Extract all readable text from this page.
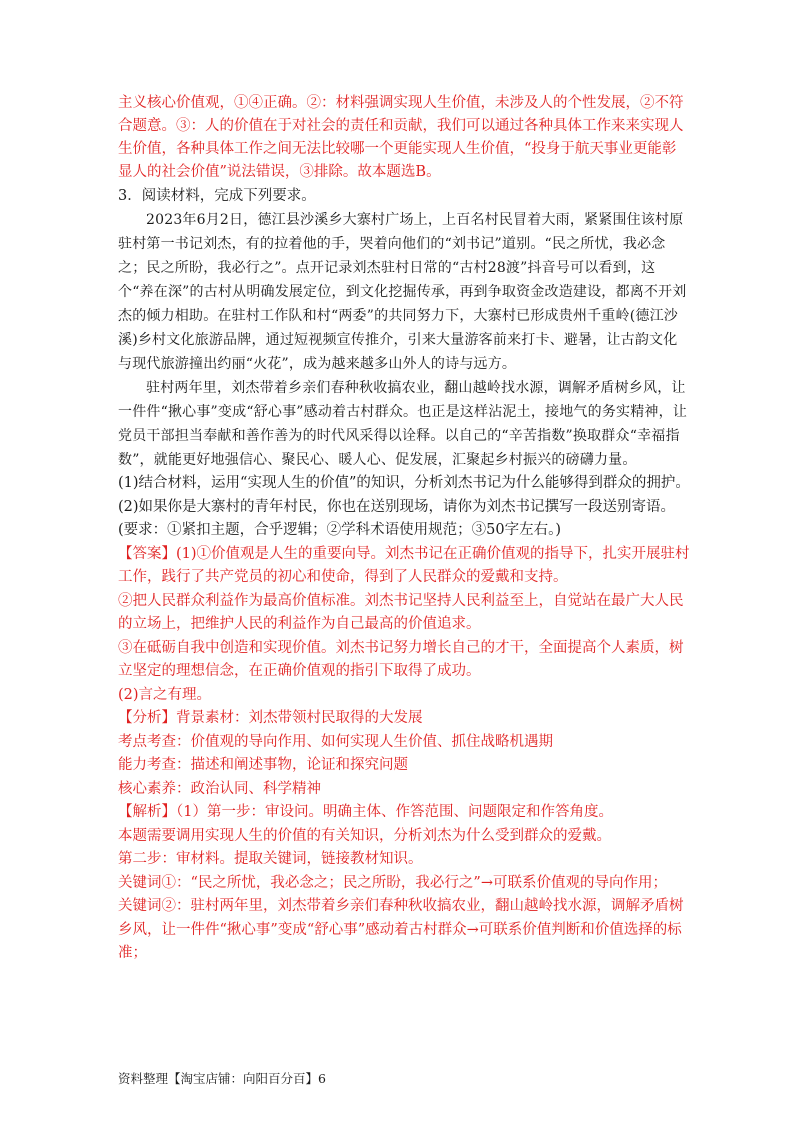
主义核心价值观，①④正确。②：材料强调实现人生价值，未涉及人的个性发展，②不符合题意。③：人的价值在于对社会的责任和贡献，我们可以通过各种具体工作来来实现人生价值，各种具体工作之间无法比较哪一个更能实现人生价值，“投身于航天事业更能彰显人的社会价值”说法错误，③排除。故本题选B。

3．阅读材料，完成下列要求。

2023年6月2日，德江县沙溪乡大寨村广场上，上百名村民冒着大雨，紧紧围住该村原驻村第一书记刘杰，有的拉着他的手，哭着向他们的“刘书记”道别。“民之所忧，我必念之；民之所盼，我必行之”。点开记录刘杰驻村日常的“古村28渡”抖音号可以看到，这个“养在深”的古村从明确发展定位，到文化挖掘传承，再到争取资金改造建设，都离不开刘杰的倾力相助。在驻村工作队和村“两委”的共同努力下，大寨村已形成贵州千重岭(德江沙溪)乡村文化旅游品牌，通过短视频宣传推介，引来大量游客前来打卡、避暑，让古韵文化与现代旅游撞出约丽“火花”，成为越来越多山外人的诗与远方。

驻村两年里，刘杰带着乡亲们春种秋收搞农业，翻山越岭找水源，调解矛盾树乡风，让一件件“揪心事”变成“舒心事”感动着古村群众。也正是这样沾泥土，接地气的务实精神，让党员干部担当奉献和善作善为的时代风采得以诠释。以自己的“辛苦指数”换取群众“幸福指数”，就能更好地强信心、聚民心、暖人心、促发展，汇聚起乡村振兴的磅礴力量。

(1)结合材料，运用“实现人生的价值”的知识，分析刘杰书记为什么能够得到群众的拥护。

(2)如果你是大寨村的青年村民，你也在送别现场，请你为刘杰书记撰写一段送别寄语。

(要求：①紧扣主题，合乎逻辑；②学科术语使用规范；③50字左右。)

【答案】(1)①价值观是人生的重要向导。刘杰书记在正确价值观的指导下，扎实开展驻村工作，践行了共产党员的初心和使命，得到了人民群众的爱戴和支持。

②把人民群众利益作为最高价值标准。刘杰书记坚持人民利益至上，自觉站在最广大人民的立场上，把维护人民的利益作为自己最高的价值追求。

③在砥砺自我中创造和实现价值。刘杰书记努力增长自己的才干，全面提高个人素质，树立坚定的理想信念，在正确价值观的指引下取得了成功。

(2)言之有理。

【分析】背景素材：刘杰带领村民取得的大发展

考点考查：价值观的导向作用、如何实现人生价值、抓住战略机遇期

能力考查：描述和阐述事物，论证和探究问题

核心素养：政治认同、科学精神

【解析】（1）第一步：审设问。明确主体、作答范围、问题限定和作答角度。

本题需要调用实现人生的价值的有关知识，分析刘杰为什么受到群众的爱戴。

第二步：审材料。提取关键词，链接教材知识。

关键词①：“民之所忧，我必念之；民之所盼，我必行之”→可联系价值观的导向作用；

关键词②：驻村两年里，刘杰带着乡亲们春种秋收搞农业，翻山越岭找水源，调解矛盾树乡风，让一件件“揪心事”变成“舒心事”感动着古村群众→可联系价值判断和价值选择的标准；

资料整理【淘宝店铺：向阳百分百】6
